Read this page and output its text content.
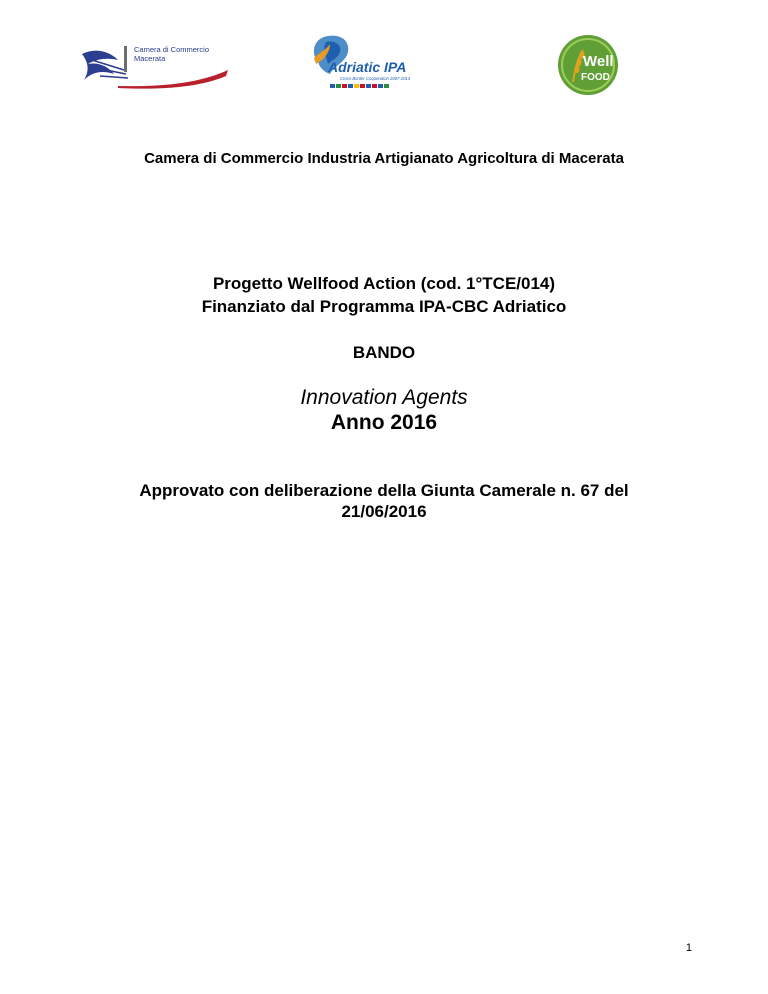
Camera di Commercio
Macerata
Adriatic IPA
Cross-Border Cooperation 2007-2013
Well
FOOD
Camera di Commercio Industria Artigianato Agricoltura di Macerata
Progetto Wellfood Action (cod. 1°TCE/014)
Finanziato dal Programma IPA-CBC Adriatico
BANDO
Innovation Agents
Anno 2016
Approvato con deliberazione della Giunta Camerale n. 67 del
21/06/2016
1
